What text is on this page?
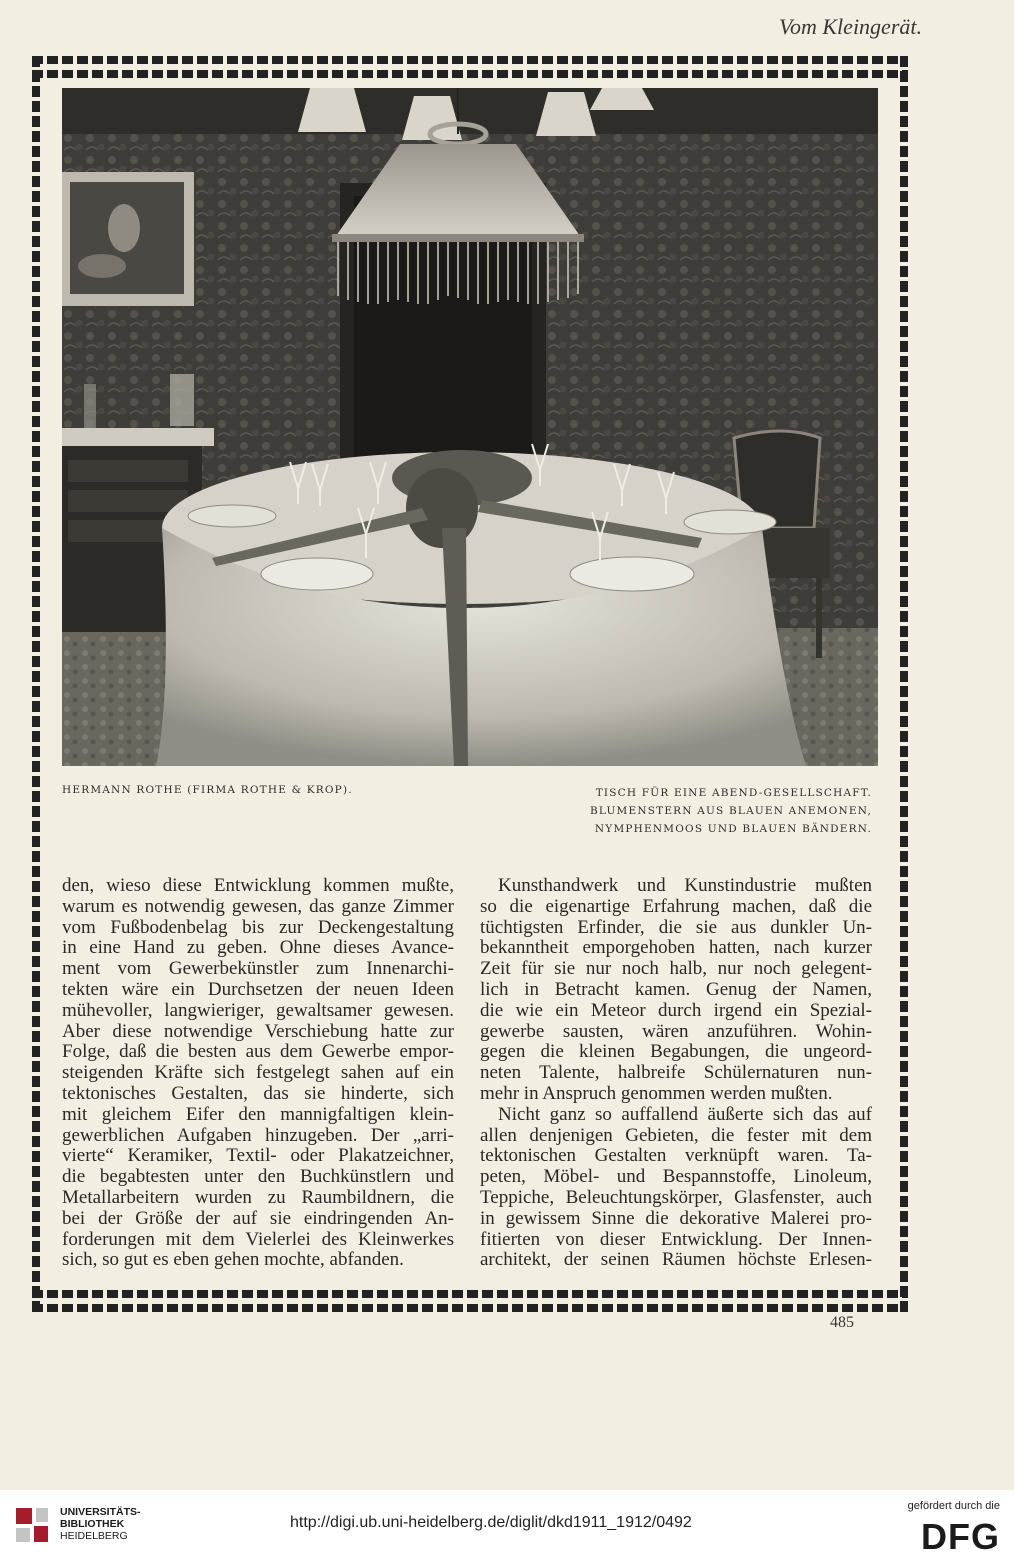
Vom Kleingerät.
HERMANN ROTHE (FIRMA ROTHE & KROP).	TISCH FÜR EINE ABEND-GESELLSCHAFT.
BLUMENSTERN AUS BLAUEN ANEMONEN,
NYMPHENMOOS UND BLAUEN BÄNDERN.
den, wieso diese Entwicklung kommen mußte,
warum es notwendig gewesen, das ganze Zimmer
vom Fußbodenbelag bis zur Deckengestaltung
in eine Hand zu geben. Ohne dieses Avance-
ment vom Gewerbekünstler zum Innenarchi-
tekten wäre ein Durchsetzen der neuen Ideen
mühevoller, langwieriger, gewaltsamer gewesen.
Aber diese notwendige Verschiebung hatte zur
Folge, daß die besten aus dem Gewerbe empor-
steigenden Kräfte sich festgelegt sahen auf ein
tektonisches Gestalten, das sie hinderte, sich
mit gleichem Eifer den mannigfaltigen klein-
gewerblichen Aufgaben hinzugeben. Der „arri-
vierte“ Keramiker, Textil- oder Plakatzeichner,
die begabtesten unter den Buchkünstlern und
Metallarbeitern wurden zu Raumbildnern, die
bei der Größe der auf sie eindringenden An-
forderungen mit dem Vielerlei des Kleinwerkes
sich, so gut es eben gehen mochte, abfanden.
Kunsthandwerk und Kunstindustrie mußten
so die eigenartige Erfahrung machen, daß die
tüchtigsten Erfinder, die sie aus dunkler Un-
bekanntheit emporgehoben hatten, nach kurzer
Zeit für sie nur noch halb, nur noch gelegent-
lich in Betracht kamen. Genug der Namen,
die wie ein Meteor durch irgend ein Spezial-
gewerbe sausten, wären anzuführen. Wohin-
gegen die kleinen Begabungen, die ungeord-
neten Talente, halbreife Schülernaturen nun-
mehr in Anspruch genommen werden mußten.
Nicht ganz so auffallend äußerte sich das auf
allen denjenigen Gebieten, die fester mit dem
tektonischen Gestalten verknüpft waren. Ta-
peten, Möbel- und Bespannstoffe, Linoleum,
Teppiche, Beleuchtungskörper, Glasfenster, auch
in gewissem Sinne die dekorative Malerei pro-
fitierten von dieser Entwicklung. Der Innen-
architekt, der seinen Räumen höchste Erlesen-
485
UNIVERSITÄTS-
BIBLIOTHEK
HEIDELBERG
http://digi.ub.uni-heidelberg.de/diglit/dkd1911_1912/0492
gefördert durch die
DFG
